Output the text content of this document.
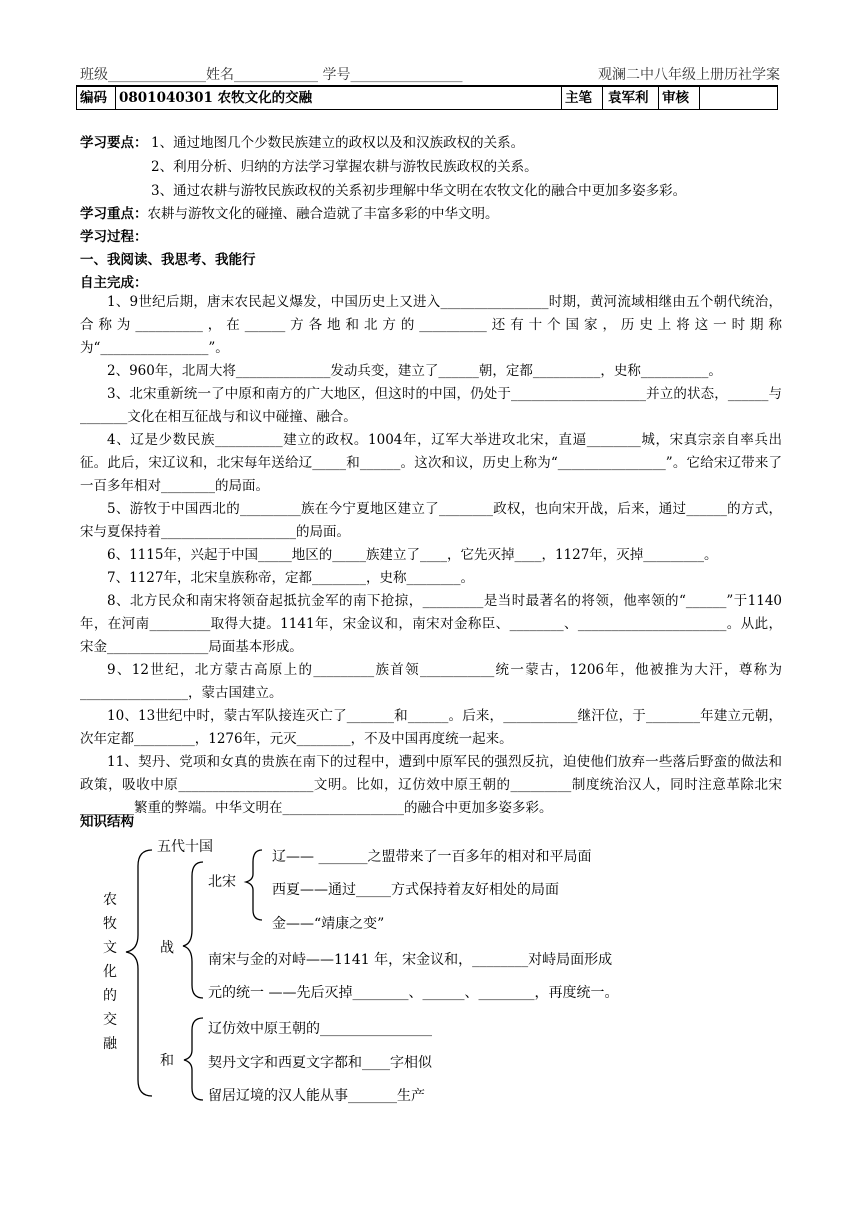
班级______________姓名____________ 学号________________	观澜二中八年级上册历社学案
编码 0801040301 农牧文化的交融	主笔 袁军利 审核
学习要点： 1、通过地图几个少数民族建立的政权以及和汉族政权的关系。
2、利用分析、归纳的方法学习掌握农耕与游牧民族政权的关系。
3、通过农耕与游牧民族政权的关系初步理解中华文明在农牧文化的融合中更加多姿多彩。
学习重点：农耕与游牧文化的碰撞、融合造就了丰富多彩的中华文明。
学习过程：
一、我阅读、我思考、我能行
自主完成：

1、9世纪后期，唐末农民起义爆发，中国历史上又进入________________时期，黄河流域相继由五个朝代统治，合称为__________，在______方各地和北方的__________还有十个国家，历史上将这一时期称为“________________”。

2、960年，北周大将______________发动兵变，建立了______朝，定都__________，史称__________。

3、北宋重新统一了中原和南方的广大地区，但这时的中国，仍处于____________________并立的状态，______与_______文化在相互征战与和议中碰撞、融合。

4、辽是少数民族__________建立的政权。1004年，辽军大举进攻北宋，直逼________城，宋真宗亲自率兵出征。此后，宋辽议和，北宋每年送给辽_____和______。这次和议，历史上称为“________________”。它给宋辽带来了一百多年相对________的局面。

5、游牧于中国西北的_________族在今宁夏地区建立了________政权，也向宋开战，后来，通过______的方式，宋与夏保持着____________________的局面。

6、1115年，兴起于中国_____地区的_____族建立了____，它先灭掉____，1127年，灭掉_________。

7、1127年，北宋皇族称帝，定都________，史称________。

8、北方民众和南宋将领奋起抵抗金军的南下抢掠，_________是当时最著名的将领，他率领的“______”于1140年，在河南_________取得大捷。1141年，宋金议和，南宋对金称臣、________、______________________。从此，宋金_______________局面基本形成。

9、12世纪，北方蒙古高原上的_________族首领___________统一蒙古，1206年，他被推为大汗，尊称为________________，蒙古国建立。

10、13世纪中时，蒙古军队接连灭亡了_______和______。后来，___________继汗位，于________年建立元朝，次年定都_________，1276年，元灭________，不及中国再度统一起来。

11、契丹、党项和女真的贵族在南下的过程中，遭到中原军民的强烈反抗，迫使他们放弃一些落后野蛮的做法和政策，吸收中原____________________文明。比如，辽仿效中原王朝的_________制度统治汉人，同时注意革除北宋________繁重的弊端。中华文明在__________________的融合中更加多姿多彩。

知识结构
农牧文化的交融
五代十国
战
北宋
辽—— _______之盟带来了一百多年的相对和平局面
西夏——通过_____方式保持着友好相处的局面
金——“靖康之变”
南宋与金的对峙——1141 年，宋金议和，________对峙局面形成
元的统一 ——先后灭掉________、______、________，再度统一。
和
辽仿效中原王朝的________________
契丹文字和西夏文字都和____字相似
留居辽境的汉人能从事_______生产
